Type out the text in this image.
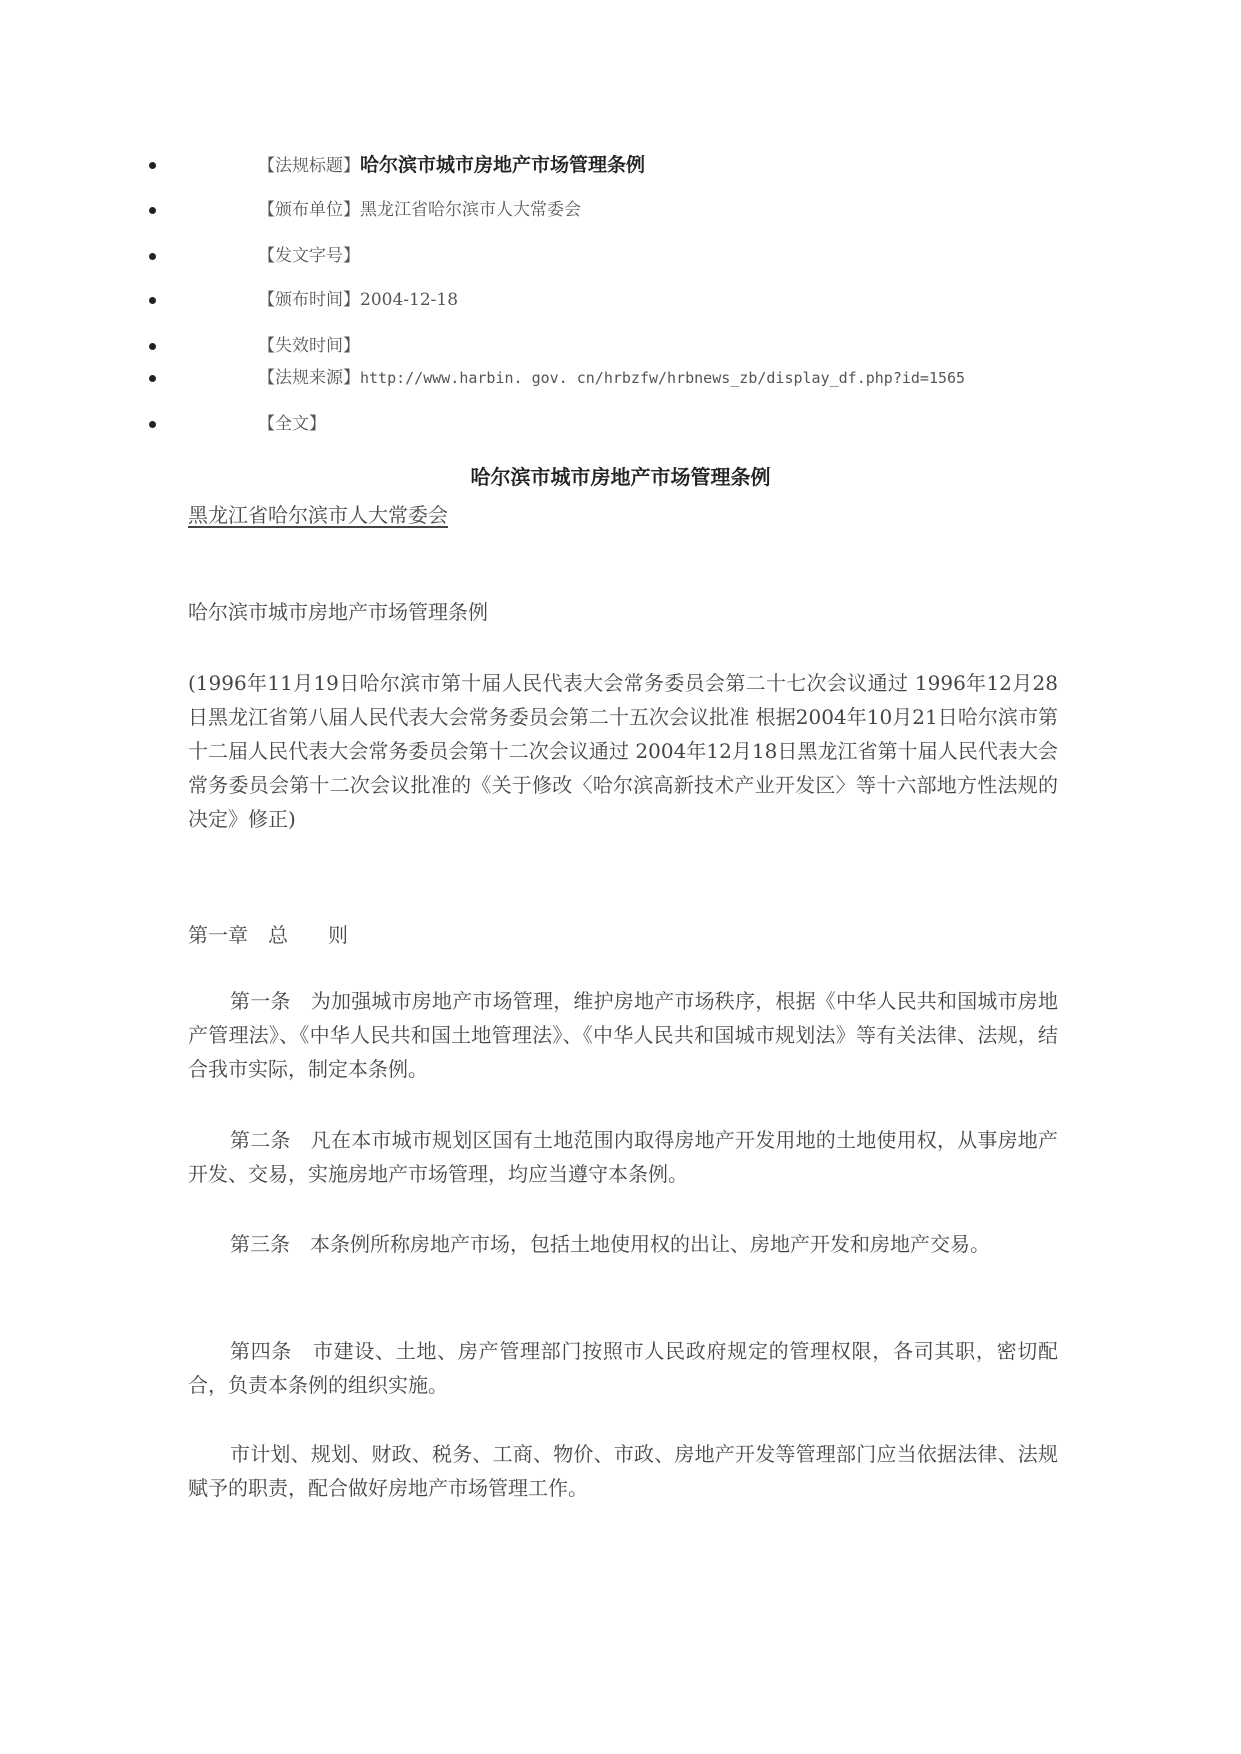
【法规标题】哈尔滨市城市房地产市场管理条例
【颁布单位】黑龙江省哈尔滨市人大常委会
【发文字号】
【颁布时间】2004-12-18
【失效时间】
【法规来源】http://www.harbin. gov. cn/hrbzfw/hrbnews_zb/display_df.php?id=1565
【全文】
哈尔滨市城市房地产市场管理条例
黑龙江省哈尔滨市人大常委会

哈尔滨市城市房地产市场管理条例

(1996年11月19日哈尔滨市第十届人民代表大会常务委员会第二十七次会议通过 1996年12月28日黑龙江省第八届人民代表大会常务委员会第二十五次会议批准 根据2004年10月21日哈尔滨市第十二届人民代表大会常务委员会第十二次会议通过 2004年12月18日黑龙江省第十届人民代表大会常务委员会第十二次会议批准的《关于修改〈哈尔滨高新技术产业开发区〉等十六部地方性法规的决定》修正)

第一章　总　　则

第一条　为加强城市房地产市场管理，维护房地产市场秩序，根据《中华人民共和国城市房地产管理法》、《中华人民共和国土地管理法》、《中华人民共和国城市规划法》等有关法律、法规，结合我市实际，制定本条例。

第二条　凡在本市城市规划区国有土地范围内取得房地产开发用地的土地使用权，从事房地产开发、交易，实施房地产市场管理，均应当遵守本条例。

第三条　本条例所称房地产市场，包括土地使用权的出让、房地产开发和房地产交易。

第四条　市建设、土地、房产管理部门按照市人民政府规定的管理权限，各司其职，密切配合，负责本条例的组织实施。

市计划、规划、财政、税务、工商、物价、市政、房地产开发等管理部门应当依据法律、法规赋予的职责，配合做好房地产市场管理工作。
